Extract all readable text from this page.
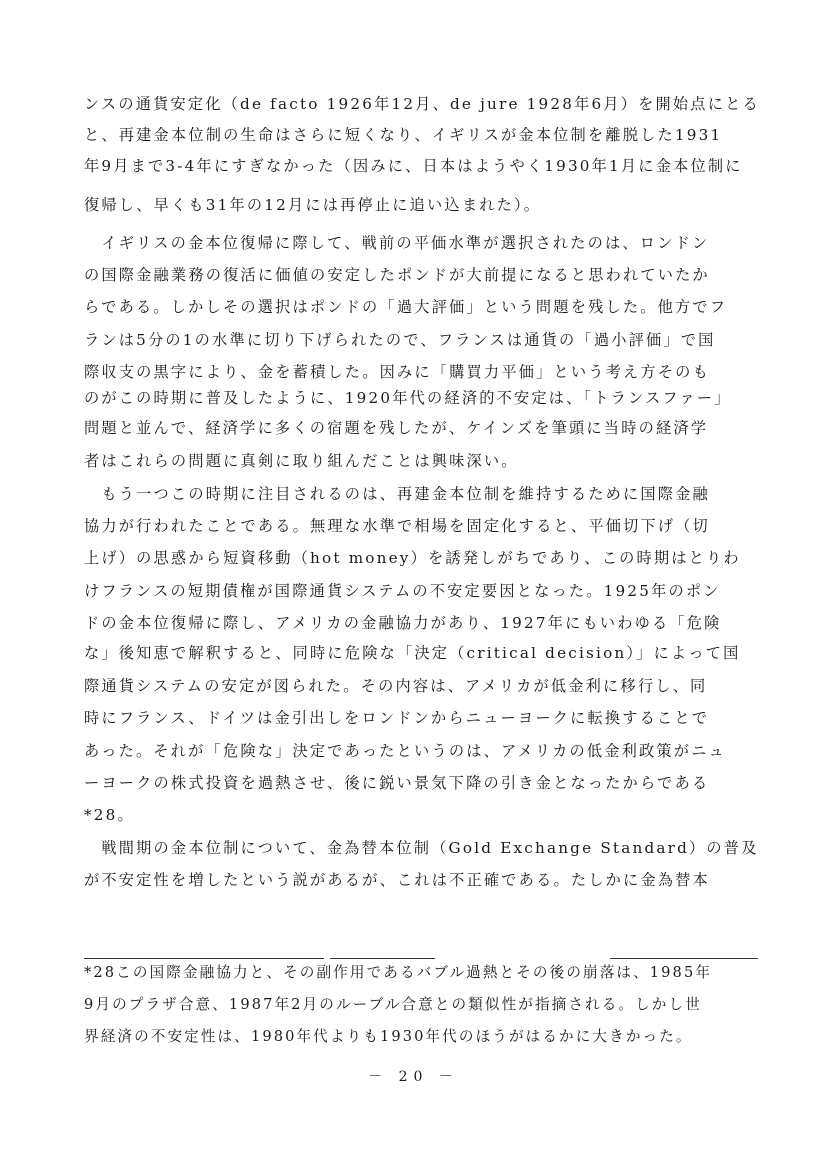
ンスの通貨安定化（de facto 1926年12月、de jure 1928年6月）を開始点にとる
と、再建金本位制の生命はさらに短くなり、イギリスが金本位制を離脱した1931
年9月まで3-4年にすぎなかった（因みに、日本はようやく1930年1月に金本位制に
復帰し、早くも31年の12月には再停止に追い込まれた）。
　イギリスの金本位復帰に際して、戦前の平価水準が選択されたのは、ロンドン
の国際金融業務の復活に価値の安定したポンドが大前提になると思われていたか
らである。しかしその選択はポンドの「過大評価」という問題を残した。他方でフ
ランは5分の1の水準に切り下げられたので、フランスは通貨の「過小評価」で国
際収支の黒字により、金を蓄積した。因みに「購買力平価」という考え方そのも
のがこの時期に普及したように、1920年代の経済的不安定は、「トランスファー」
問題と並んで、経済学に多くの宿題を残したが、ケインズを筆頭に当時の経済学
者はこれらの問題に真剣に取り組んだことは興味深い。
　もう一つこの時期に注目されるのは、再建金本位制を維持するために国際金融
協力が行われたことである。無理な水準で相場を固定化すると、平価切下げ（切
上げ）の思惑から短資移動（hot money）を誘発しがちであり、この時期はとりわ
けフランスの短期債権が国際通貨システムの不安定要因となった。1925年のポン
ドの金本位復帰に際し、アメリカの金融協力があり、1927年にもいわゆる「危険
な」後知恵で解釈すると、同時に危険な「決定（critical decision）」によって国
際通貨システムの安定が図られた。その内容は、アメリカが低金利に移行し、同
時にフランス、ドイツは金引出しをロンドンからニューヨークに転換することで
あった。それが「危険な」決定であったというのは、アメリカの低金利政策がニュ
ーヨークの株式投資を過熱させ、後に鋭い景気下降の引き金となったからである
*28。
　戦間期の金本位制について、金為替本位制（Gold Exchange Standard）の普及
が不安定性を増したという説があるが、これは不正確である。たしかに金為替本
*28この国際金融協力と、その副作用であるバブル過熱とその後の崩落は、1985年
9月のプラザ合意、1987年2月のルーブル合意との類似性が指摘される。しかし世
界経済の不安定性は、1980年代よりも1930年代のほうがはるかに大きかった。
－ 20 －
